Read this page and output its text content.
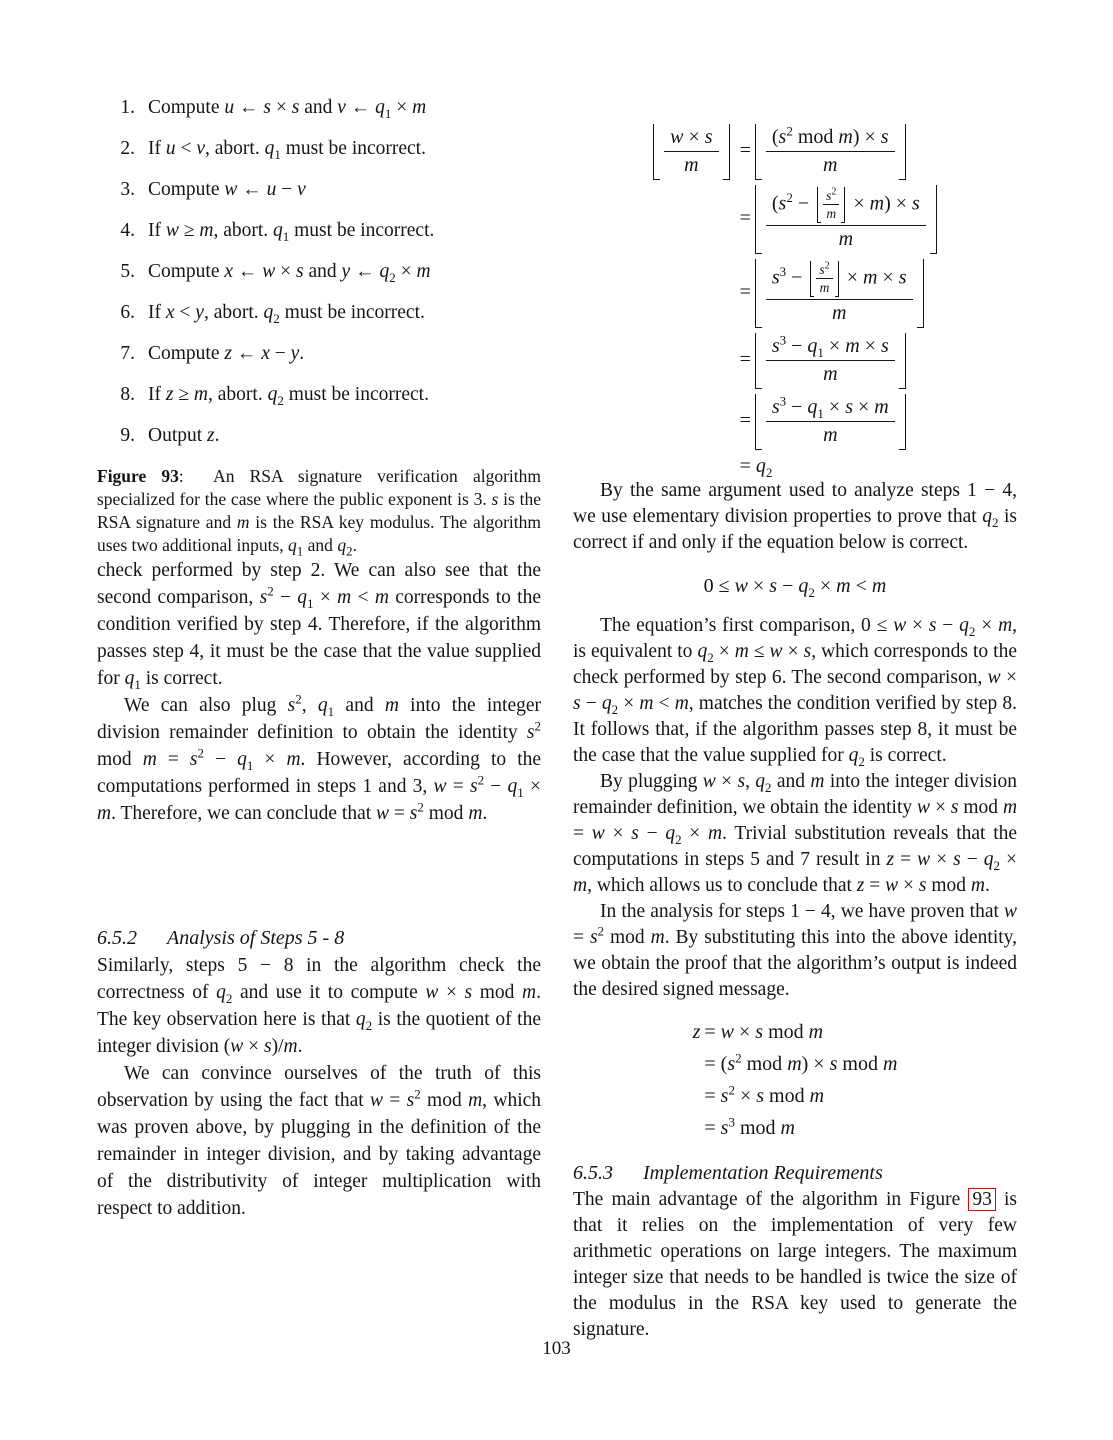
1. Compute u ← s × s and v ← $q_1 \times m$
2. If u < v, abort. $q_1$ must be incorrect.
3. Compute w ← u − v
4. If w ≥ m, abort. $q_1$ must be incorrect.
5. Compute x ← w × s and y ← $q_2 \times m$
6. If x < y, abort. $q_2$ must be incorrect.
7. Compute z ← x − y.
8. If z ≥ m, abort. $q_2$ must be incorrect.
9. Output z.

Figure 93:  An RSA signature verification algorithm specialized for the case where the public exponent is 3. s is the RSA signature and m is the RSA key modulus. The algorithm uses two additional inputs, $q_1$ and $q_2$.

check performed by step 2. We can also see that the second comparison, $s^2 - q_1 \times m < m$ corresponds to the condition verified by step 4. Therefore, if the algorithm passes step 4, it must be the case that the value supplied for $q_1$ is correct.

We can also plug $s^2$, $q_1$ and m into the integer division remainder definition to obtain the identity $s^2$ mod $m = s^2 - q_1 \times m$. However, according to the computations performed in steps 1 and 3, $w = s^2 - q_1 \times m$. Therefore, we can conclude that $w = s^2$ mod m.

6.5.2 Analysis of Steps 5 - 8

Similarly, steps 5 − 8 in the algorithm check the correctness of $q_2$ and use it to compute w × s mod m. The key observation here is that $q_2$ is the quotient of the integer division (w × s)/m.

We can convince ourselves of the truth of this observation by using the fact that $w = s^2$ mod m, which was proven above, by plugging in the definition of the remainder in integer division, and by taking advantage of the distributivity of integer multiplication with respect to addition.

$\frac{w \times s}{m} = \frac{(s^2 mod m) \times s}{m}$
= $\frac{(s^2 - \frac{s^2}{m} \times m) \times s}{m}$
= $\frac{s^3 - \frac{s^2}{m} \times m \times s}{m}$
= $\frac{s^3 - q_1 \times m \times s}{m}$
= $\frac{s^3 - q_1 \times s \times m}{m}$
= $q_2$

By the same argument used to analyze steps 1 − 4, we use elementary division properties to prove that $q_2$ is correct if and only if the equation below is correct.

$0 \le w \times s - q_2 \times m < m$

The equation’s first comparison, $0 \le w \times s - q_2 \times m$, is equivalent to $q_2 \times m \le w \times s$, which corresponds to the check performed by step 6. The second comparison, $w \times s - q_2 \times m < m$, matches the condition verified by step 8. It follows that, if the algorithm passes step 8, it must be the case that the value supplied for $q_2$ is correct.

By plugging w × s, $q_2$ and m into the integer division remainder definition, we obtain the identity w × s mod $m = w \times s - q_2 \times m$. Trivial substitution reveals that the computations in steps 5 and 7 result in $z = w \times s - q_2 \times m$, which allows us to conclude that z = w × s mod m.

In the analysis for steps 1 − 4, we have proven that $w = s^2$ mod m. By substituting this into the above identity, we obtain the proof that the algorithm’s output is indeed the desired signed message.

z = w × s mod m
= ($s^2$ mod m) × s mod m
= $s^2 \times s$ mod m
= $s^3$ mod m
6.5.3 Implementation Requirements

The main advantage of the algorithm in Figure 93 is that it relies on the implementation of very few arithmetic operations on large integers. The maximum integer size that needs to be handled is twice the size of the modulus in the RSA key used to generate the signature.

103
